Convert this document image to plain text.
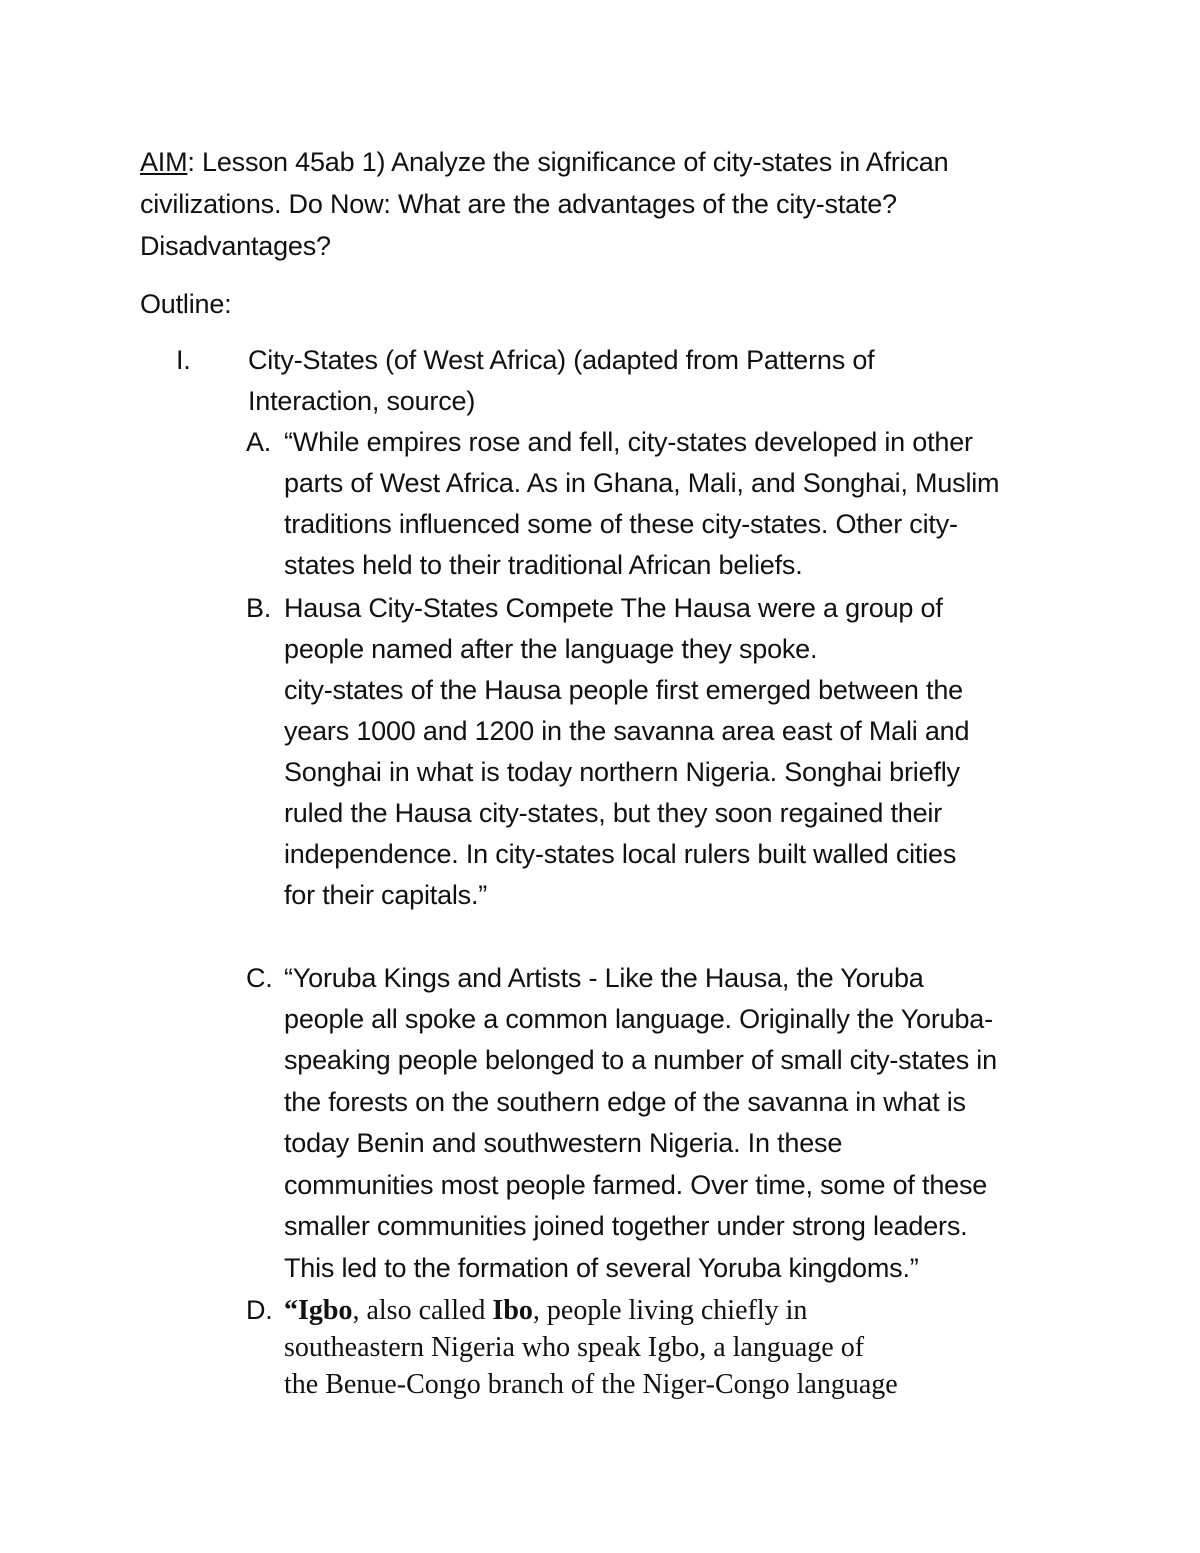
AIM: Lesson 45ab 1) Analyze the significance of city-states in African
civilizations. Do Now: What are the advantages of the city-state?
Disadvantages?
Outline:
I. City-States (of West Africa) (adapted from Patterns of
Interaction, source)
A. “While empires rose and fell, city-states developed in other
parts of West Africa. As in Ghana, Mali, and Songhai, Muslim
traditions influenced some of these city-states. Other city-
states held to their traditional African beliefs.
B. Hausa City-States Compete The Hausa were a group of
people named after the language they spoke.
city-states of the Hausa people first emerged between the
years 1000 and 1200 in the savanna area east of Mali and
Songhai in what is today northern Nigeria. Songhai briefly
ruled the Hausa city-states, but they soon regained their
independence. In city-states local rulers built walled cities
for their capitals.”
C. “Yoruba Kings and Artists - Like the Hausa, the Yoruba
people all spoke a common language. Originally the Yoruba-
speaking people belonged to a number of small city-states in
the forests on the southern edge of the savanna in what is
today Benin and southwestern Nigeria. In these
communities most people farmed. Over time, some of these
smaller communities joined together under strong leaders.
This led to the formation of several Yoruba kingdoms.”
D. “Igbo, also called Ibo, people living chiefly in
southeastern Nigeria who speak Igbo, a language of
the Benue-Congo branch of the Niger-Congo language
